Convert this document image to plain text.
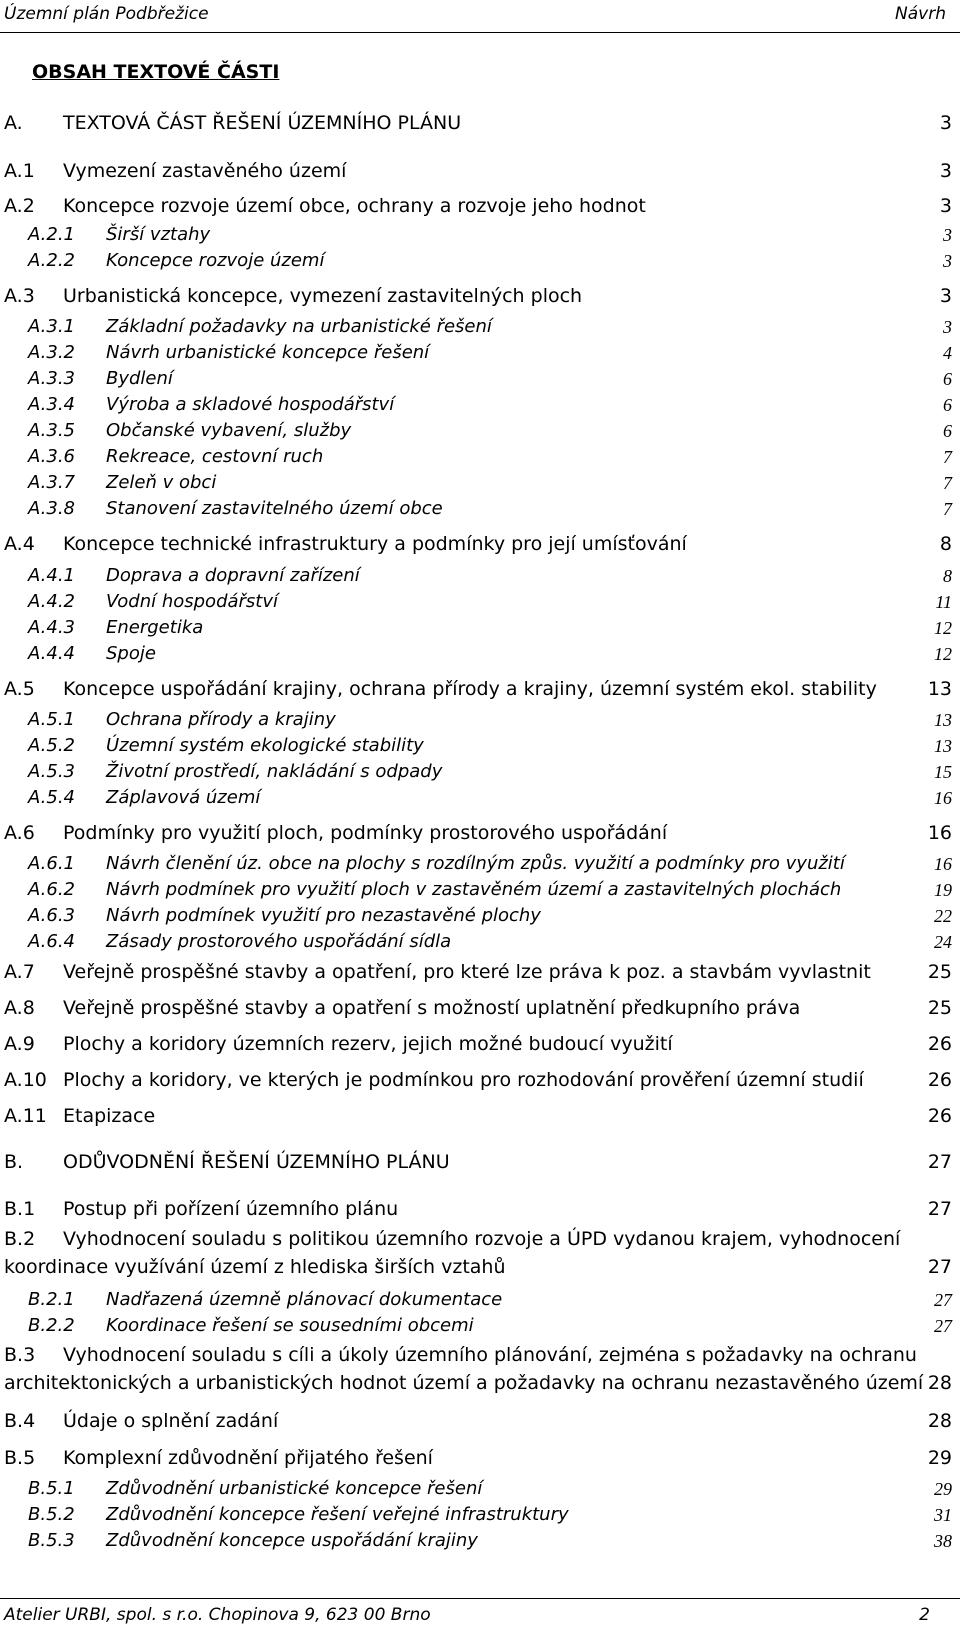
Územní plán Podbřežice	Návrh
OBSAH TEXTOVÉ ČÁSTI
A. TEXTOVÁ ČÁST ŘEŠENÍ ÚZEMNÍHO PLÁNU	3
A.1 Vymezení zastavěného území	3
A.2 Koncepce rozvoje území obce, ochrany a rozvoje jeho hodnot	3
A.2.1 Širší vztahy	3
A.2.2 Koncepce rozvoje území	3
A.3 Urbanistická koncepce, vymezení zastavitelných ploch	3
A.3.1 Základní požadavky na urbanistické řešení	3
A.3.2 Návrh urbanistické koncepce řešení	4
A.3.3 Bydlení	6
A.3.4 Výroba a skladové hospodářství	6
A.3.5 Občanské vybavení, služby	6
A.3.6 Rekreace, cestovní ruch	7
A.3.7 Zeleň v obci	7
A.3.8 Stanovení zastavitelného území obce	7
A.4 Koncepce technické infrastruktury a podmínky pro její umísťování	8
A.4.1 Doprava a dopravní zařízení	8
A.4.2 Vodní hospodářství	11
A.4.3 Energetika	12
A.4.4 Spoje	12
A.5 Koncepce uspořádání krajiny, ochrana přírody a krajiny, územní systém ekol. stability	13
A.5.1 Ochrana přírody a krajiny	13
A.5.2 Územní systém ekologické stability	13
A.5.3 Životní prostředí, nakládání s odpady	15
A.5.4 Záplavová území	16
A.6 Podmínky pro využití ploch, podmínky prostorového uspořádání	16
A.6.1 Návrh členění úz. obce na plochy s rozdílným způs. využití a podmínky pro využití	16
A.6.2 Návrh podmínek pro využití ploch v zastavěném území a zastavitelných plochách	19
A.6.3 Návrh podmínek využití pro nezastavěné plochy	22
A.6.4 Zásady prostorového uspořádání sídla	24
A.7 Veřejně prospěšné stavby a opatření, pro které lze práva k poz. a stavbám vyvlastnit	25
A.8 Veřejně prospěšné stavby a opatření s možností uplatnění předkupního práva	25
A.9 Plochy a koridory územních rezerv, jejich možné budoucí využití	26
A.10 Plochy a koridory, ve kterých je podmínkou pro rozhodování prověření územní studií	26
A.11 Etapizace	26
B. ODŮVODNĚNÍ ŘEŠENÍ ÚZEMNÍHO PLÁNU	27
B.1 Postup při pořízení územního plánu	27
B.2 Vyhodnocení souladu s politikou územního rozvoje a ÚPD vydanou krajem, vyhodnocení
koordinace využívání území z hlediska širších vztahů	27
B.2.1 Nadřazená územně plánovací dokumentace	27
B.2.2 Koordinace řešení se sousedními obcemi	27
B.3 Vyhodnocení souladu s cíli a úkoly územního plánování, zejména s požadavky na ochranu
architektonických a urbanistických hodnot území a požadavky na ochranu nezastavěného území 28
B.4 Údaje o splnění zadání	28
B.5 Komplexní zdůvodnění přijatého řešení	29
B.5.1 Zdůvodnění urbanistické koncepce řešení	29
B.5.2 Zdůvodnění koncepce řešení veřejné infrastruktury	31
B.5.3 Zdůvodnění koncepce uspořádání krajiny	38
Atelier URBI, spol. s r.o. Chopinova 9, 623 00 Brno	2
